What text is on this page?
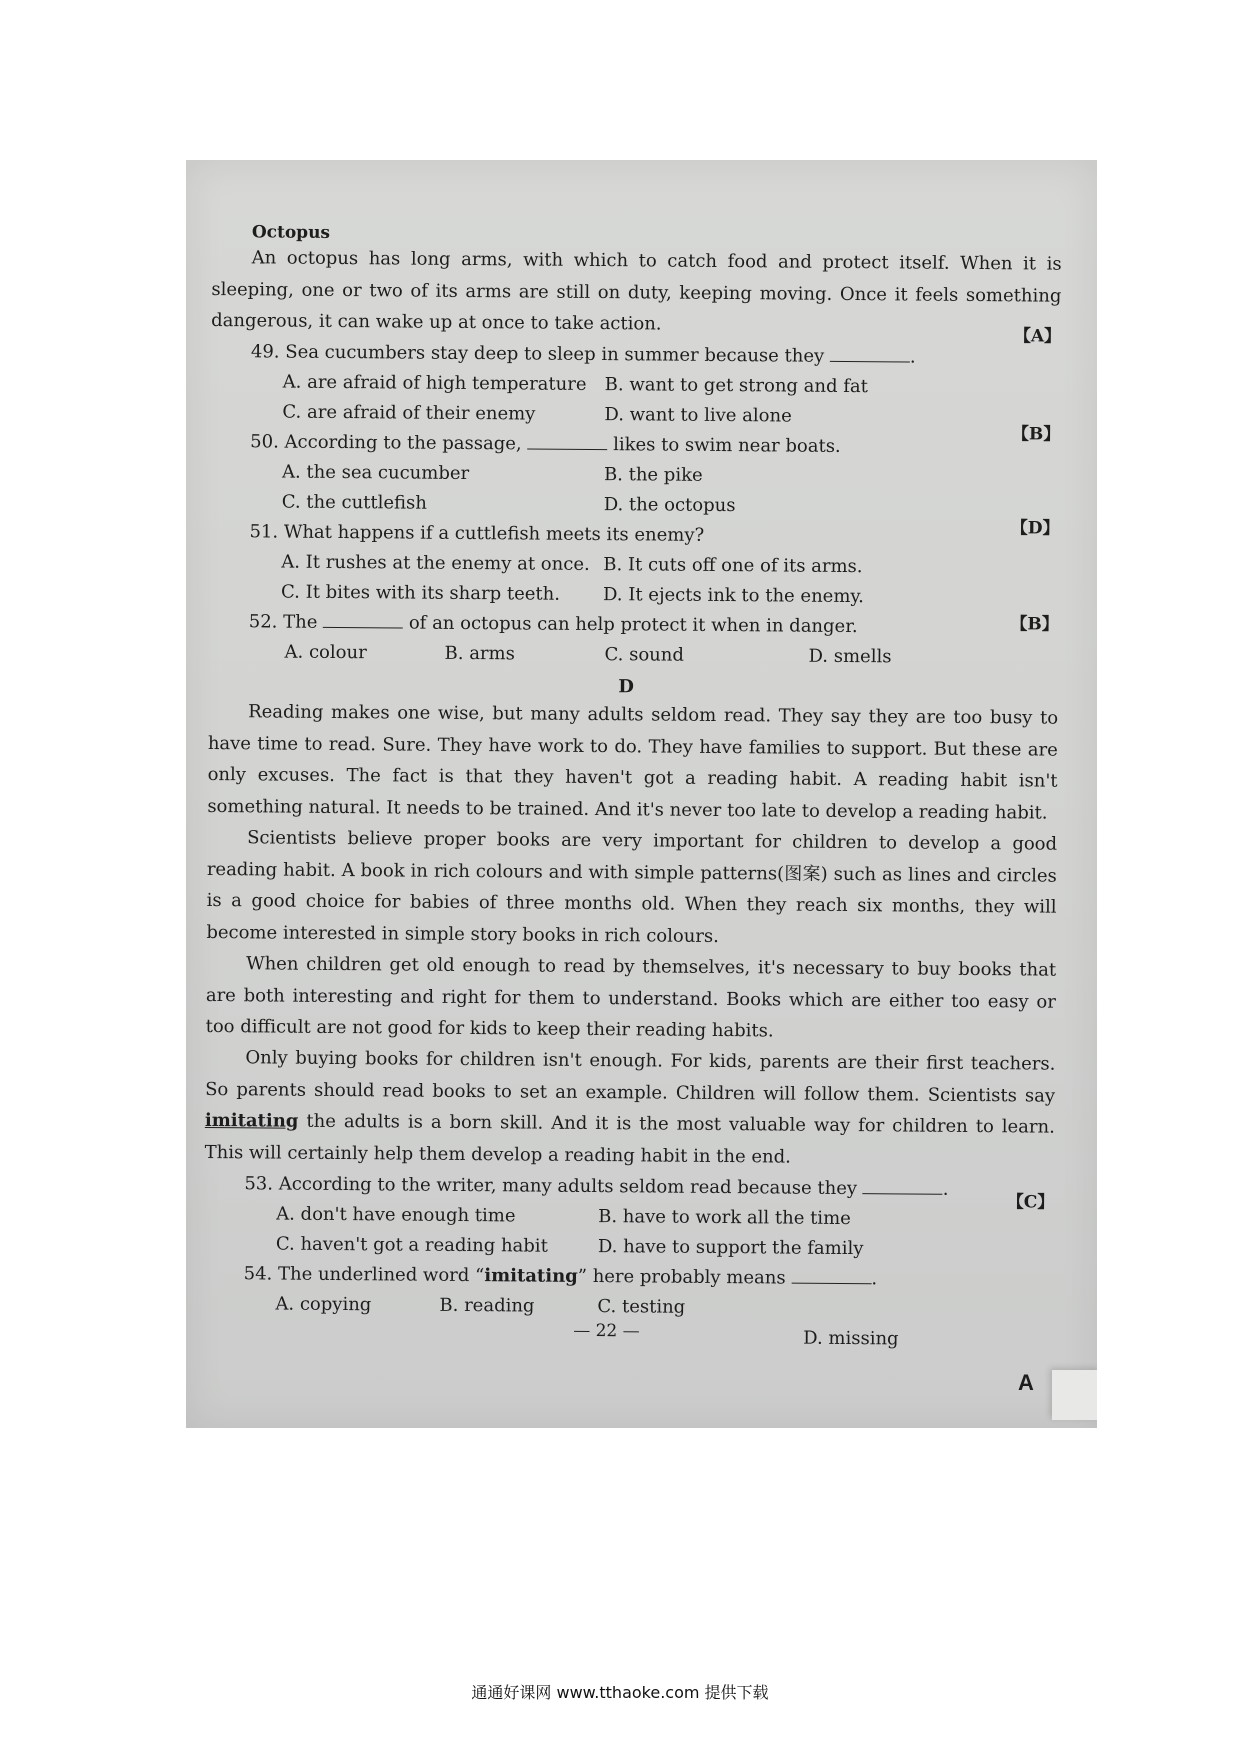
Octopus
An octopus has long arms, with which to catch food and protect itself. When it is sleeping, one or two of its arms are still on duty, keeping moving. Once it feels something dangerous, it can wake up at once to take action.
49. Sea cucumbers stay deep to sleep in summer because they	.
【A】
A. are afraid of high temperature B. want to get strong and fat
C. are afraid of their enemy	D. want to live alone
50. According to the passage,	likes to swim near boats.	【B】
A. the sea cucumber	B. the pike
C. the cuttlefish	D. the octopus
51. What happens if a cuttlefish meets its enemy?	【D】
A. It rushes at the enemy at once. B. It cuts off one of its arms.
C. It bites with its sharp teeth. D. It ejects ink to the enemy.
52. The	of an octopus can help protect it when in danger.	【B】
A. colour	B. arms	C. sound	D. smells
D
Reading makes one wise, but many adults seldom read. They say they are too busy to have time to read. Sure. They have work to do. They have families to support. But these are only excuses. The fact is that they haven't got a reading habit. A reading habit isn't something natural. It needs to be trained. And it's never too late to develop a reading habit.
Scientists believe proper books are very important for children to develop a good reading habit. A book in rich colours and with simple patterns(图案) such as lines and circles is a good choice for babies of three months old. When they reach six months, they will become interested in simple story books in rich colours.
When children get old enough to read by themselves, it's necessary to buy books that are both interesting and right for them to understand. Books which are either too easy or too difficult are not good for kids to keep their reading habits.
Only buying books for children isn't enough. For kids, parents are their first teachers. So parents should read books to set an example. Children will follow them. Scientists say imitating the adults is a born skill. And it is the most valuable way for children to learn. This will certainly help them develop a reading habit in the end.
53. According to the writer, many adults seldom read because they	.
【C】
A. don't have enough time	B. have to work all the time
C. haven't got a reading habit	D. have to support the family
54. The underlined word “imitating” here probably means	.
A. copying	B. reading	C. testing
D. missing
— 22 —
A
通通好课网 www.tthaoke.com 提供下载
